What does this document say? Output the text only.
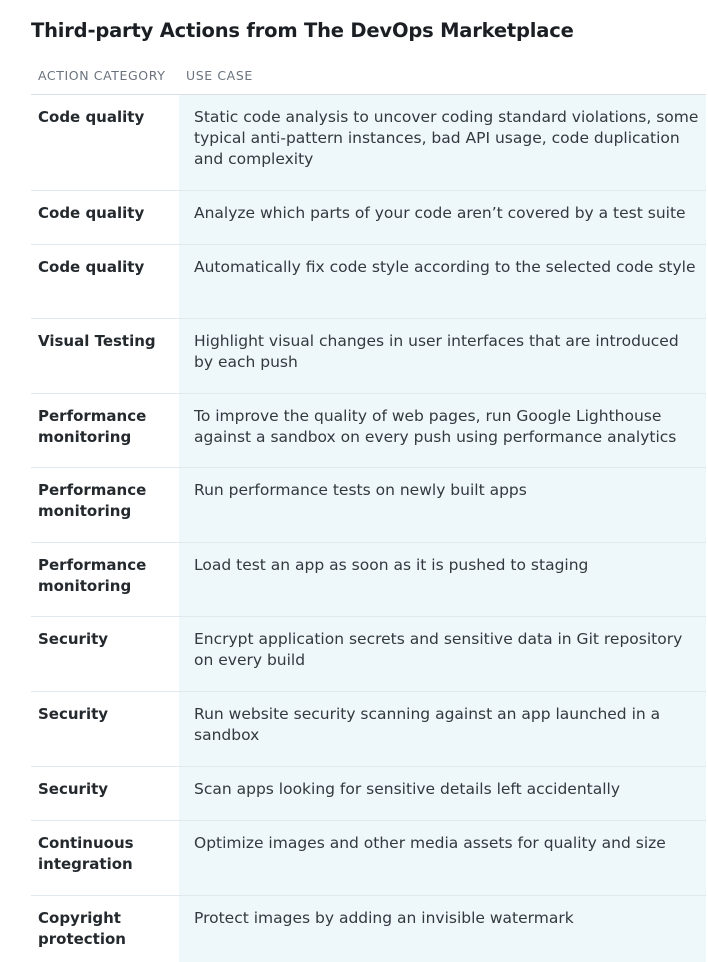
Third-party Actions from The DevOps Marketplace
ACTION CATEGORY	USE CASE
Code quality	Static code analysis to uncover coding standard violations, some typical anti-pattern instances, bad API usage, code duplication and complexity
Code quality	Analyze which parts of your code aren’t covered by a test suite
Code quality	Automatically fix code style according to the selected code style
Visual Testing	Highlight visual changes in user interfaces that are introduced by each push
Performance monitoring	To improve the quality of web pages, run Google Lighthouse against a sandbox on every push using performance analytics
Performance monitoring	Run performance tests on newly built apps
Performance monitoring	Load test an app as soon as it is pushed to staging
Security	Encrypt application secrets and sensitive data in Git repository on every build
Security	Run website security scanning against an app launched in a sandbox
Security	Scan apps looking for sensitive details left accidentally
Continuous integration	Optimize images and other media assets for quality and size
Copyright protection	Protect images by adding an invisible watermark
